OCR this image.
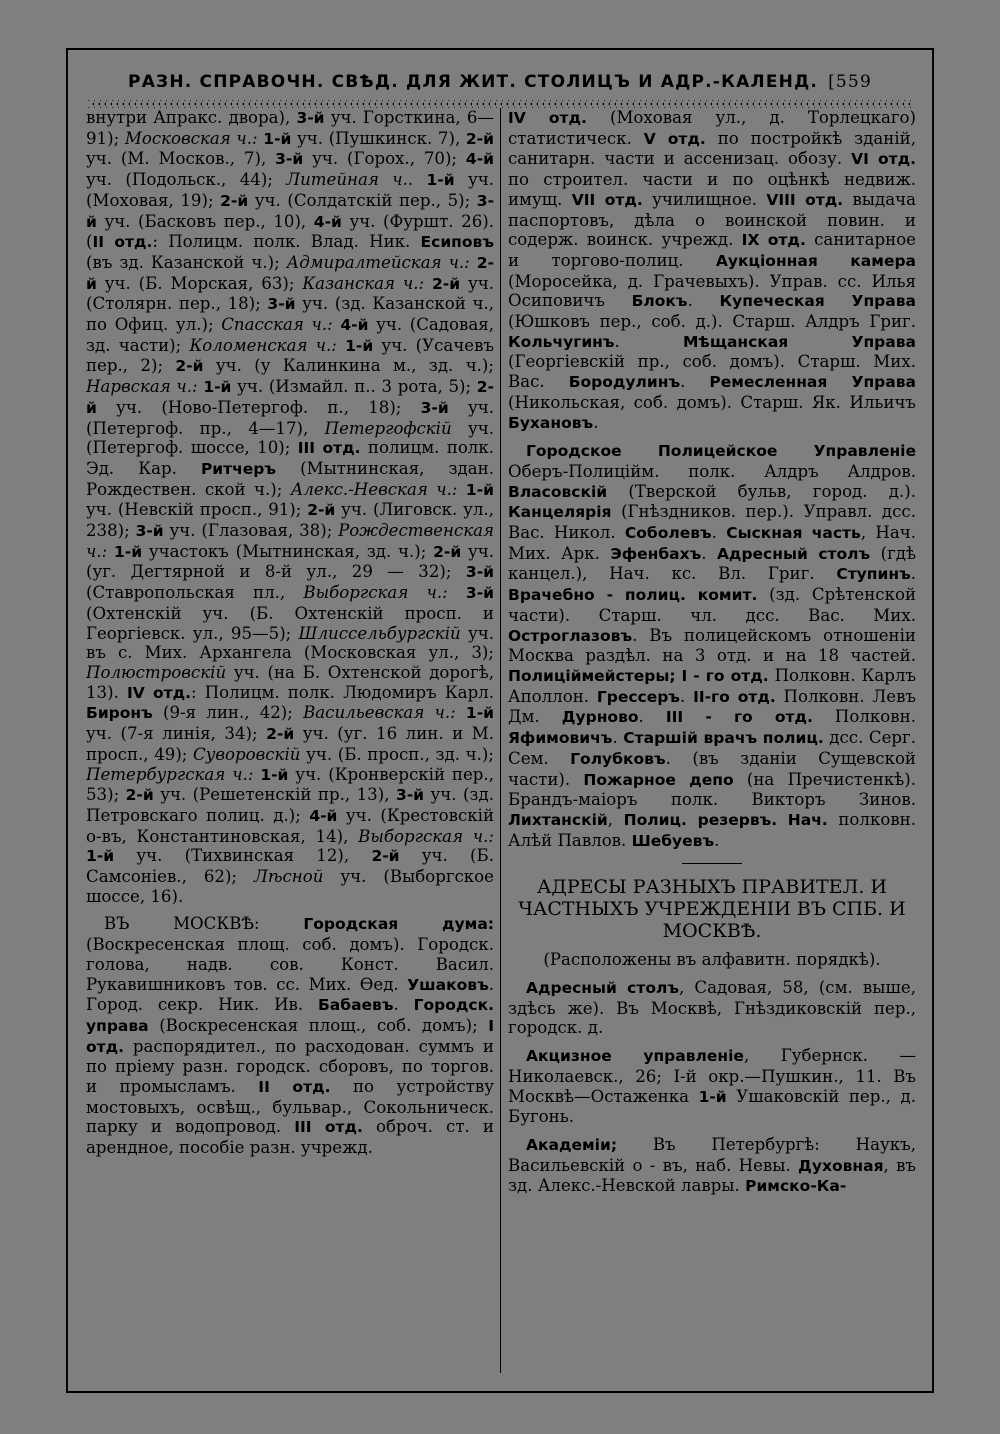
РАЗН. СПРАВОЧН. СВѢД. ДЛЯ ЖИТ. СТОЛИЦЪ И АДР.-КАЛЕНД. [559

внутри Апракс. двора), 3-й уч. Горсткина, 6—91); Московская ч.: 1-й уч. (Пушкинск. 7), 2-й уч. (М. Москов., 7), 3-й уч. (Горох., 70); 4-й уч. (Подольск., 44); Литейная ч.. 1-й уч. (Моховая, 19); 2-й уч. (Солдатскій пер., 5); 3-й уч. (Басковъ пер., 10), 4-й уч. (Фуршт. 26). (II отд.: Полицм. полк. Влад. Ник. Есиповъ (въ зд. Казанской ч.); Адмиралтейская ч.: 2-й уч. (Б. Морская, 63); Казанская ч.: 2-й уч. (Столярн. пер., 18); 3-й уч. (зд. Казанской ч., по Офиц. ул.); Спасская ч.: 4-й уч. (Садовая, зд. части); Коломенская ч.: 1-й уч. (Усачевъ пер., 2); 2-й уч. (у Калинкина м., зд. ч.); Нарвская ч.: 1-й уч. (Измайл. п.. 3 рота, 5); 2-й уч. (Ново-Петергоф. п., 18); 3-й уч. (Петергоф. пр., 4—17), Петергофскій уч. (Петергоф. шоссе, 10); III отд. полицм. полк. Эд. Кар. Ритчеръ (Мытнинская, здан. Рождествен. ской ч.); Алекс.-Невская ч.: 1-й уч. (Невскій просп., 91); 2-й уч. (Лиговск. ул., 238); 3-й уч. (Глазовая, 38); Рождественская ч.: 1-й участокъ (Мытнинская, зд. ч.); 2-й уч. (уг. Дегтярной и 8-й ул., 29 — 32); 3-й (Ставропольская пл., Выборгская ч.: 3-й (Охтенскій уч. (Б. Охтенскій просп. и Георгіевск. ул., 95—5); Шлиссельбургскій уч. въ с. Мих. Архангела (Московская ул., 3); Полюстровскій уч. (на Б. Охтенской дорогѣ, 13). IV отд.: Полицм. полк. Людомиръ Карл. Биронъ (9-я лин., 42); Васильевская ч.: 1-й уч. (7-я линія, 34); 2-й уч. (уг. 16 лин. и М. просп., 49); Суворовскій уч. (Б. просп., зд. ч.); Петербургская ч.: 1-й уч. (Кронверскій пер., 53); 2-й уч. (Решетенскій пр., 13), 3-й уч. (зд. Петровскаго полиц. д.); 4-й уч. (Крестовскій о-въ, Константиновская, 14), Выборгская ч.: 1-й уч. (Тихвинская 12), 2-й уч. (Б. Самсоніев., 62); Лѣсной уч. (Выборгское шоссе, 16).

ВЪ МОСКВѢ: Городская дума: (Воскресенская площ. соб. домъ). Городск. голова, надв. сов. Конст. Васил. Рукавишниковъ тов. сс. Мих. Ѳед. Ушаковъ. Город. секр. Ник. Ив. Бабаевъ. Городск. управа (Воскресенская площ., соб. домъ); I отд. распорядител., по расходован. суммъ и по пріему разн. городск. сборовъ, по торгов. и промысламъ. II отд. по устройству мостовыхъ, освѣщ., бульвар., Сокольническ. парку и водопровод. III отд. оброч. ст. и арендное, пособіе разн. учрежд.

IV отд. (Моховая ул., д. Торлецкаго) статистическ. V отд. по постройкѣ зданій, санитарн. части и ассенизац. обозу. VI отд. по строител. части и по оцѣнкѣ недвиж. имущ. VII отд. училищное. VIII отд. выдача паспортовъ, дѣла о воинской повин. и содерж. воинск. учрежд. IX отд. санитарное и торгово-полиц. Аукціонная камера (Моросейка, д. Грачевыхъ). Управ. сс. Илья Осиповичъ Блокъ. Купеческая Управа (Юшковъ пер., соб. д.). Старш. Алдръ Григ. Кольчугинъ. Мѣщанская Управа (Георгіевскій пр., соб. домъ). Старш. Мих. Вас. Бородулинъ. Ремесленная Управа (Никольская, соб. домъ). Старш. Як. Ильичъ Бухановъ.

Городское Полицейское Управленіе Оберъ-Полиційм. полк. Алдръ Алдров. Власовскій (Тверской бульв, город. д.). Канцелярія (Гнѣздников. пер.). Управл. дсс. Вас. Никол. Соболевъ. Сыскная часть, Нач. Мих. Арк. Эфенбахъ. Адресный столъ (гдѣ канцел.), Нач. кс. Вл. Григ. Ступинъ. Врачебно - полиц. комит. (зд. Срѣтенской части). Старш. чл. дсс. Вас. Мих. Остроглазовъ. Въ полицейскомъ отношеніи Москва раздѣл. на 3 отд. и на 18 частей. Полиціймейстеры; I - го отд. Полковн. Карлъ Аполлон. Грессеръ. II-го отд. Полковн. Левъ Дм. Дурново. III - го отд. Полковн. Яфимовичъ. Старшій врачъ полиц. дсс. Серг. Сем. Голубковъ. (въ зданіи Сущевской части). Пожарное депо (на Пречистенкѣ). Брандъ-маіоръ полк. Викторъ Зинов. Лихтанскій, Полиц. резервъ. Нач. полковн. Алѣй Павлов. Шебуевъ.

АДРЕСЫ РАЗНЫХЪ ПРАВИТЕЛ. И ЧАСТНЫХЪ УЧРЕЖДЕНІИ ВЪ СПБ. И МОСКВѢ.

(Расположены въ алфавитн. порядкѣ).

Адресный столъ, Садовая, 58, (см. выше, здѣсь же). Въ Москвѣ, Гнѣздиковскій пер., городск. д.

Акцизное управленіе, Губернск. — Николаевск., 26; I-й окр.—Пушкин., 11. Въ Москвѣ—Остаженка 1-й Ушаковскій пер., д. Бугонь.

Академіи; Въ Петербургѣ: Наукъ, Васильевскій о - въ, наб. Невы. Духовная, въ зд. Алекс.-Невской лавры. Римско-Ка-
